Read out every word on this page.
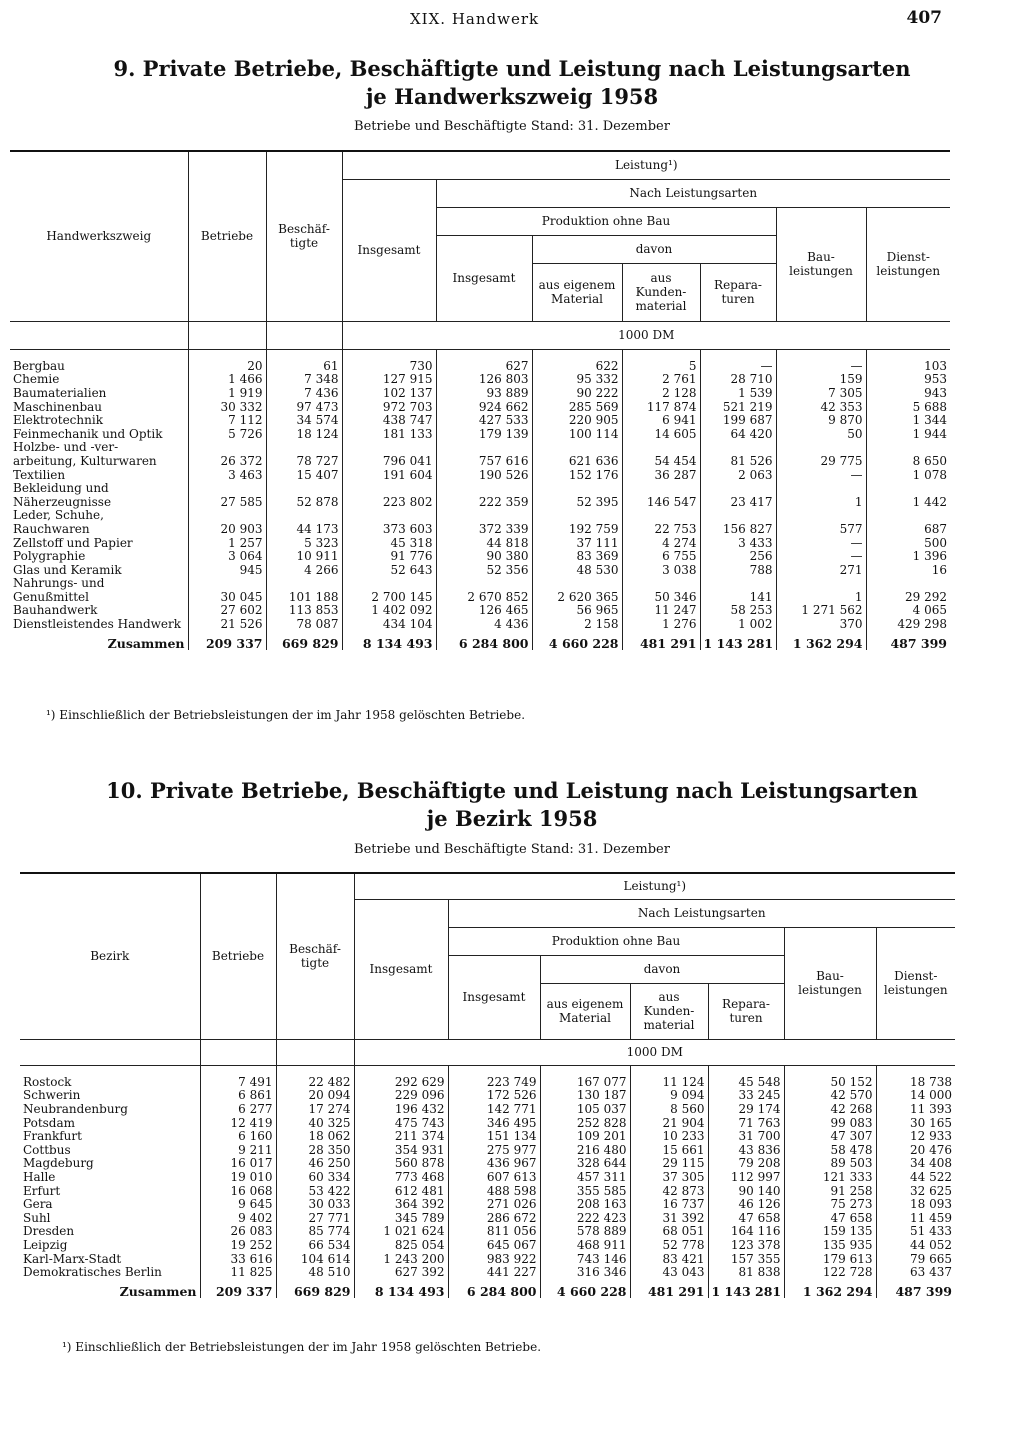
XIX. Handwerk	407
9. Private Betriebe, Beschäftigte und Leistung nach Leistungsarten
je Handwerkszweig 1958
Betriebe und Beschäftigte Stand: 31. Dezember
Handwerkszweig	Betriebe	Beschäf-tigte	Leistung¹)						
			Insgesamt	Nach Leistungsarten					
				Produktion ohne Bau				Bau-leistungen	Dienst-leistungen
				Insgesamt	davon				
					aus eigenem Material	aus Kunden-material	Repara-turen		
			1000 DM						

Bergbau	20	61	730	627	622	5	—	—	103
Chemie	1 466	7 348	127 915	126 803	95 332	2 761	28 710	159	953
Baumaterialien	1 919	7 436	102 137	93 889	90 222	2 128	1 539	7 305	943
Maschinenbau	30 332	97 473	972 703	924 662	285 569	117 874	521 219	42 353	5 688
Elektrotechnik	7 112	34 574	438 747	427 533	220 905	6 941	199 687	9 870	1 344
Feinmechanik und Optik	5 726	18 124	181 133	179 139	100 114	14 605	64 420	50	1 944
Holzbe- und -ver-									
arbeitung, Kulturwaren	26 372	78 727	796 041	757 616	621 636	54 454	81 526	29 775	8 650
Textilien	3 463	15 407	191 604	190 526	152 176	36 287	2 063	—	1 078
Bekleidung und									
Näherzeugnisse	27 585	52 878	223 802	222 359	52 395	146 547	23 417	1	1 442
Leder, Schuhe,									
Rauchwaren	20 903	44 173	373 603	372 339	192 759	22 753	156 827	577	687
Zellstoff und Papier	1 257	5 323	45 318	44 818	37 111	4 274	3 433	—	500
Polygraphie	3 064	10 911	91 776	90 380	83 369	6 755	256	—	1 396
Glas und Keramik	945	4 266	52 643	52 356	48 530	3 038	788	271	16
Nahrungs- und									
Genußmittel	30 045	101 188	2 700 145	2 670 852	2 620 365	50 346	141	1	29 292
Bauhandwerk	27 602	113 853	1 402 092	126 465	56 965	11 247	58 253	1 271 562	4 065
Dienstleistendes Handwerk	21 526	78 087	434 104	4 436	2 158	1 276	1 002	370	429 298
Zusammen	209 337	669 829	8 134 493	6 284 800	4 660 228	481 291	1 143 281	1 362 294	487 399
¹) Einschließlich der Betriebsleistungen der im Jahr 1958 gelöschten Betriebe.
10. Private Betriebe, Beschäftigte und Leistung nach Leistungsarten
je Bezirk 1958
Betriebe und Beschäftigte Stand: 31. Dezember
Bezirk	Betriebe	Beschäf-tigte	Leistung¹)						
			Insgesamt	Nach Leistungsarten					
				Produktion ohne Bau				Bau-leistungen	Dienst-leistungen
				Insgesamt	davon				
					aus eigenem Material	aus Kunden-material	Repara-turen		
			1000 DM						

Rostock	7 491	22 482	292 629	223 749	167 077	11 124	45 548	50 152	18 738
Schwerin	6 861	20 094	229 096	172 526	130 187	9 094	33 245	42 570	14 000
Neubrandenburg	6 277	17 274	196 432	142 771	105 037	8 560	29 174	42 268	11 393
Potsdam	12 419	40 325	475 743	346 495	252 828	21 904	71 763	99 083	30 165
Frankfurt	6 160	18 062	211 374	151 134	109 201	10 233	31 700	47 307	12 933
Cottbus	9 211	28 350	354 931	275 977	216 480	15 661	43 836	58 478	20 476
Magdeburg	16 017	46 250	560 878	436 967	328 644	29 115	79 208	89 503	34 408
Halle	19 010	60 334	773 468	607 613	457 311	37 305	112 997	121 333	44 522
Erfurt	16 068	53 422	612 481	488 598	355 585	42 873	90 140	91 258	32 625
Gera	9 645	30 033	364 392	271 026	208 163	16 737	46 126	75 273	18 093
Suhl	9 402	27 771	345 789	286 672	222 423	31 392	47 658	47 658	11 459
Dresden	26 083	85 774	1 021 624	811 056	578 889	68 051	164 116	159 135	51 433
Leipzig	19 252	66 534	825 054	645 067	468 911	52 778	123 378	135 935	44 052
Karl-Marx-Stadt	33 616	104 614	1 243 200	983 922	743 146	83 421	157 355	179 613	79 665
Demokratisches Berlin	11 825	48 510	627 392	441 227	316 346	43 043	81 838	122 728	63 437
Zusammen	209 337	669 829	8 134 493	6 284 800	4 660 228	481 291	1 143 281	1 362 294	487 399
¹) Einschließlich der Betriebsleistungen der im Jahr 1958 gelöschten Betriebe.
